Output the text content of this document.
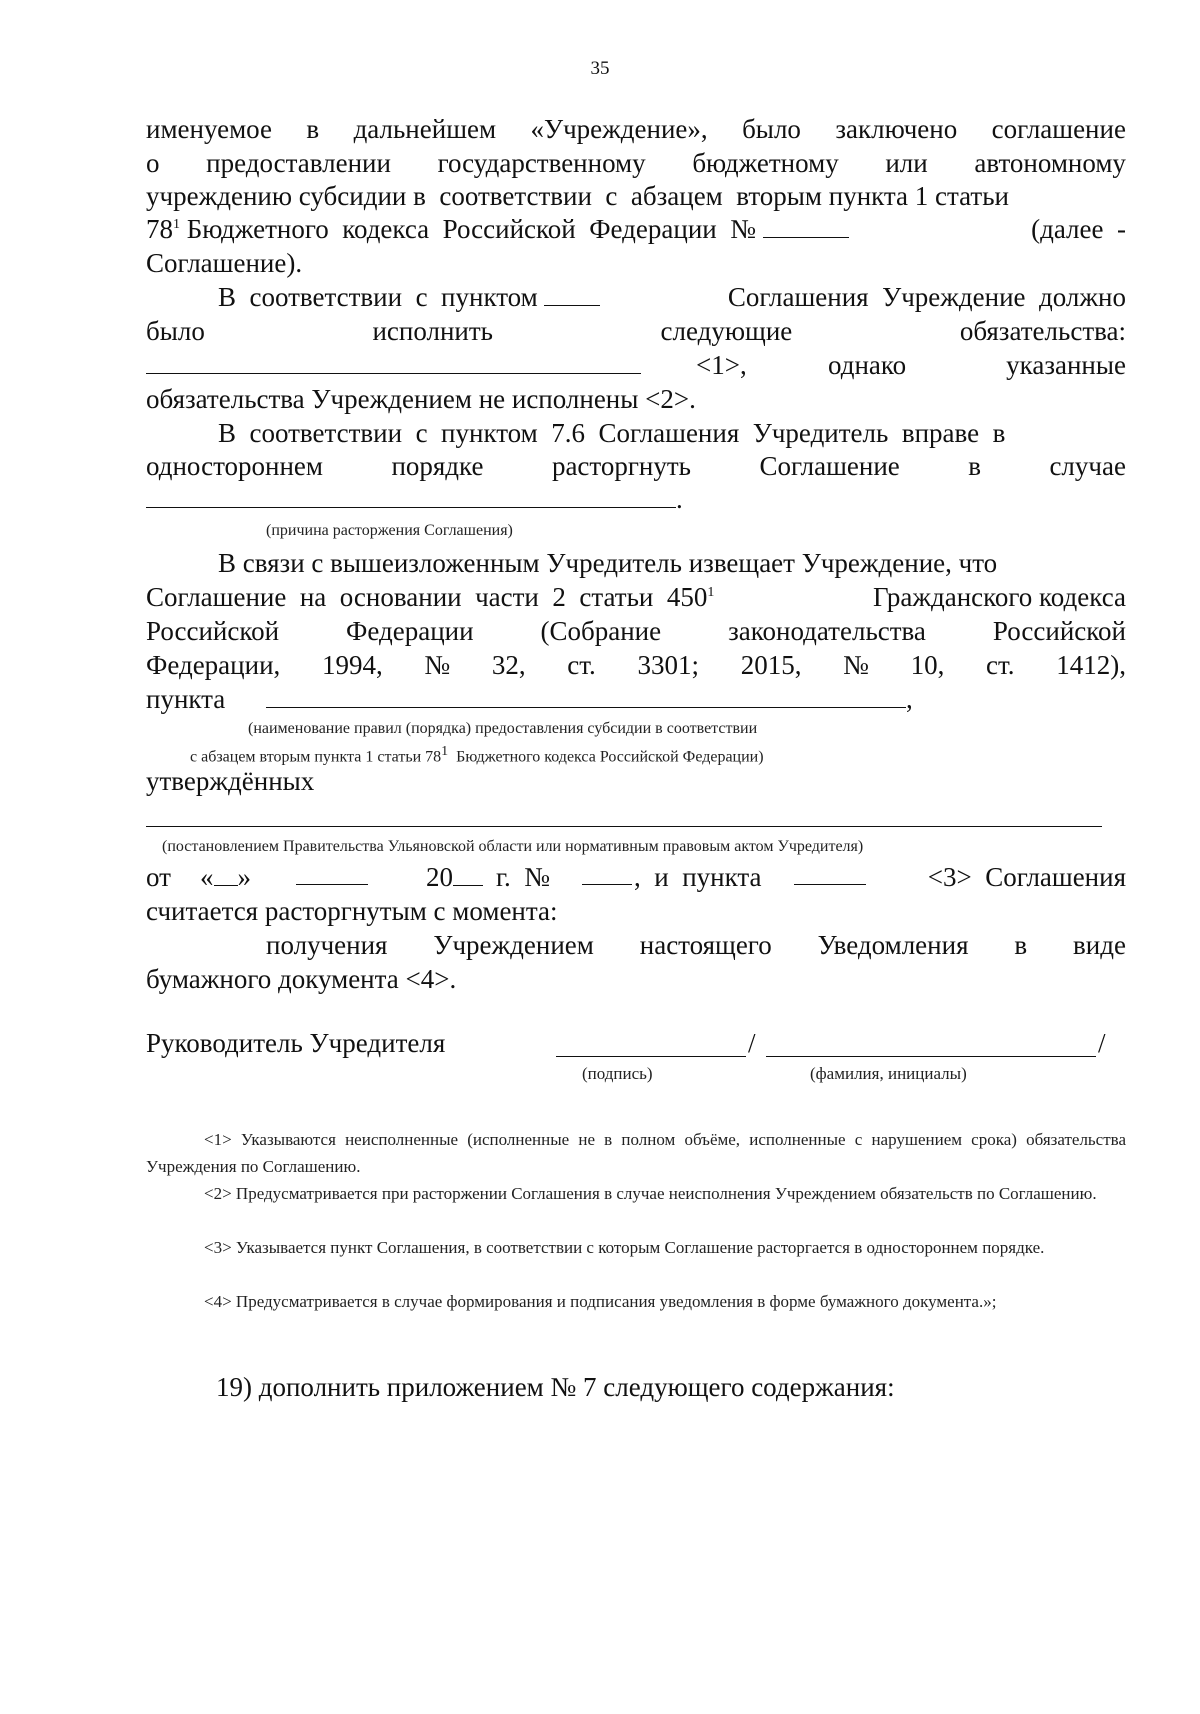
35
именуемое в дальнейшем «Учреждение», было заключено соглашение
о предоставлении государственному бюджетному или автономному
учреждению субсидии в  соответствии  с  абзацем  вторым пункта 1 статьи
$78^1$ Бюджетного  кодекса  Российской  Федерации  №	(далее  -
Соглашение).
В  соответствии  с  пунктом	Соглашения  Учреждение  должно
было	исполнить	следующие	обязательства:
<1>,	однако	указанные
обязательства Учреждением не исполнены <2>.
В  соответствии  с  пунктом  7.6  Соглашения  Учредитель  вправе  в
одностороннем	порядке	расторгнуть	Соглашение	в	случае
.
(причина расторжения Соглашения)
В связи с вышеизложенным Учредитель извещает Учреждение, что
Соглашение  на  основании  части  2  статьи  $450^1$	Гражданского кодекса
Российской Федерации (Собрание законодательства Российской
Федерации, 1994, № 32, ст. 3301; 2015, № 10, ст. 1412),
пункта	,
(наименование правил (порядка) предоставления субсидии в соответствии
с абзацем вторым пункта 1 статьи $78^1$  Бюджетного кодекса Российской Федерации)
утверждённых
(постановлением Правительства Ульяновской области или нормативным правовым актом Учредителя)
от « »	20	г.  №	,  и  пункта	<3>  Соглашения
считается расторгнутым с момента:
получения Учреждением настоящего Уведомления в виде
бумажного документа <4>.
Руководитель Учредителя	/	/
(подпись)	(фамилия, инициалы)
<1> Указываются неисполненные (исполненные не в полном объёме, исполненные с нарушением срока) обязательства Учреждения по Соглашению.
<2> Предусматривается при расторжении Соглашения в случае неисполнения Учреждением обязательств по Соглашению.
<3> Указывается пункт Соглашения, в соответствии с которым Соглашение расторгается в одностороннем порядке.
<4> Предусматривается в случае формирования и подписания уведомления в форме бумажного документа.»;
19) дополнить приложением № 7 следующего содержания:
